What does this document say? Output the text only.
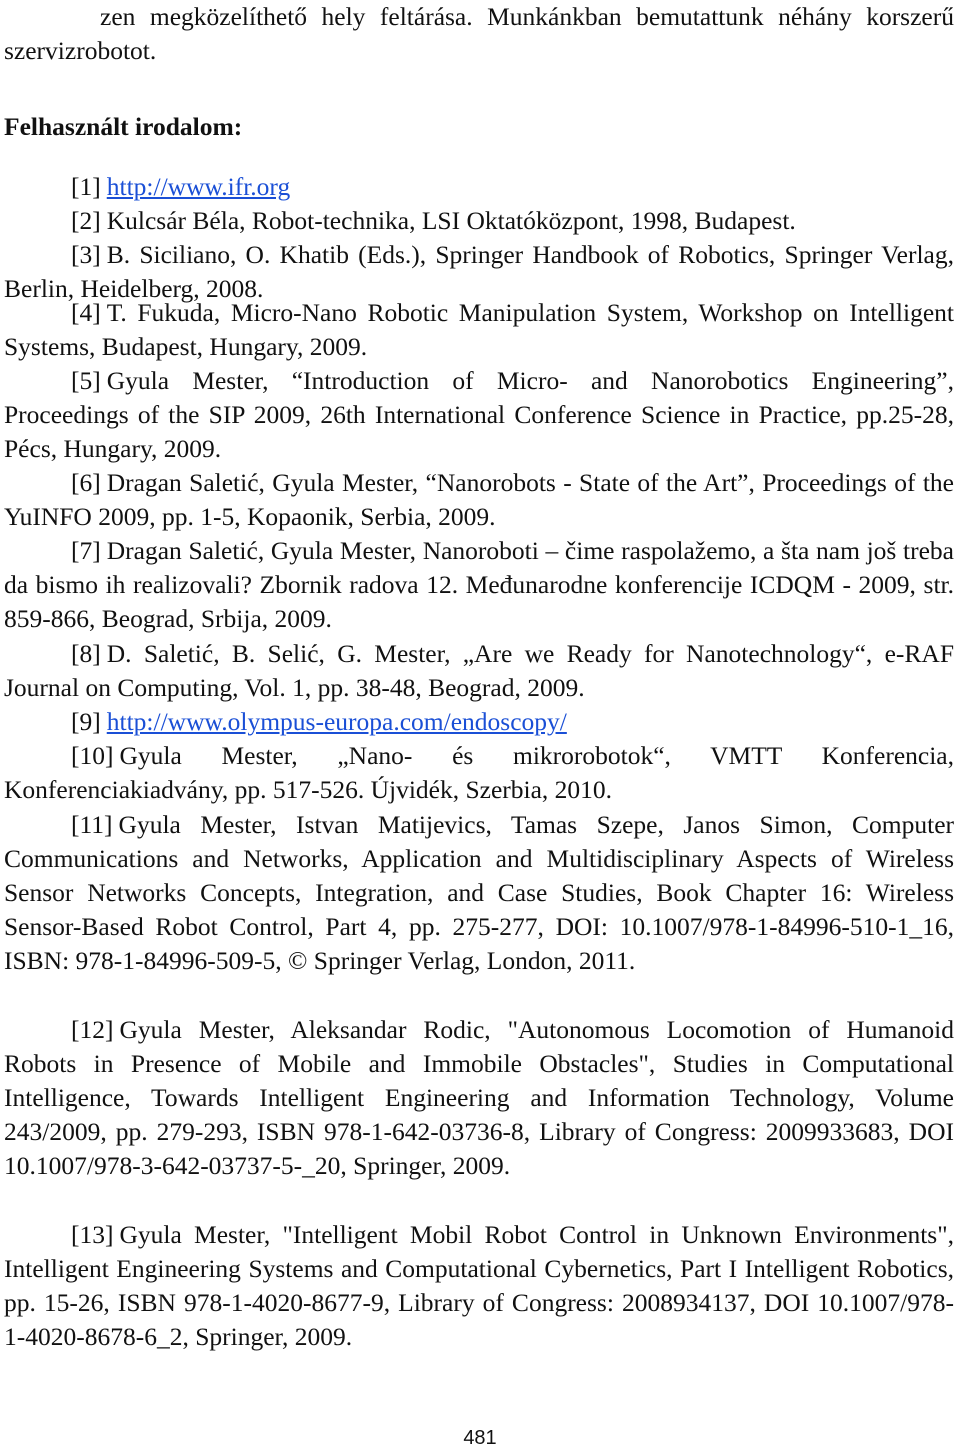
zen megközelíthető hely feltárása. Munkánkban bemutattunk néhány korszerű szervizrobotot.

Felhasznált irodalom:

[1] http://www.ifr.org

[2] Kulcsár Béla, Robot-technika, LSI Oktatóközpont, 1998, Budapest.

[3] B. Siciliano, O. Khatib (Eds.), Springer Handbook of Robotics, Springer Verlag, Berlin, Heidelberg, 2008.

[4] T. Fukuda, Micro-Nano Robotic Manipulation System, Workshop on Intelligent Systems, Budapest, Hungary, 2009.

[5] Gyula Mester, “Introduction of Micro- and Nanorobotics Engineering”, Proceedings of the SIP 2009, 26th International Conference Science in Practice, pp.25-28, Pécs, Hungary, 2009.

[6] Dragan Saletić, Gyula Mester, “Nanorobots - State of the Art”, Proceedings of the YuINFO 2009, pp. 1-5, Kopaonik, Serbia, 2009.

[7] Dragan Saletić, Gyula Mester, Nanoroboti – čime raspolažemo, a šta nam još treba da bismo ih realizovali? Zbornik radova 12. Međunarodne konferencije ICDQM - 2009, str. 859-866, Beograd, Srbija, 2009.

[8] D. Saletić, B. Selić, G. Mester, „Are we Ready for Nanotechnology“, e-RAF Journal on Computing, Vol. 1, pp. 38-48, Beograd, 2009.

[9] http://www.olympus-europa.com/endoscopy/

[10] Gyula Mester, „Nano- és mikrorobotok“, VMTT Konferencia, Konferenciakiadvány, pp. 517-526. Újvidék, Szerbia, 2010.

[11] Gyula Mester, Istvan Matijevics, Tamas Szepe, Janos Simon, Computer Communications and Networks, Application and Multidisciplinary Aspects of Wireless Sensor Networks Concepts, Integration, and Case Studies, Book Chapter 16: Wireless Sensor-Based Robot Control, Part 4, pp. 275-277, DOI: 10.1007/978-1-84996-510-1_16, ISBN: 978-1-84996-509-5, © Springer Verlag, London, 2011.

[12] Gyula Mester, Aleksandar Rodic, "Autonomous Locomotion of Humanoid Robots in Presence of Mobile and Immobile Obstacles", Studies in Computational Intelligence, Towards Intelligent Engineering and Information Technology, Volume 243/2009, pp. 279-293, ISBN 978-1-642-03736-8, Library of Congress: 2009933683, DOI 10.1007/978-3-642-03737-5-_20, Springer, 2009.

[13] Gyula Mester, "Intelligent Mobil Robot Control in Unknown Environments", Intelligent Engineering Systems and Computational Cybernetics, Part I Intelligent Robotics, pp. 15-26, ISBN 978-1-4020-8677-9, Library of Congress: 2008934137, DOI 10.1007/978-1-4020-8678-6_2, Springer, 2009.

481
